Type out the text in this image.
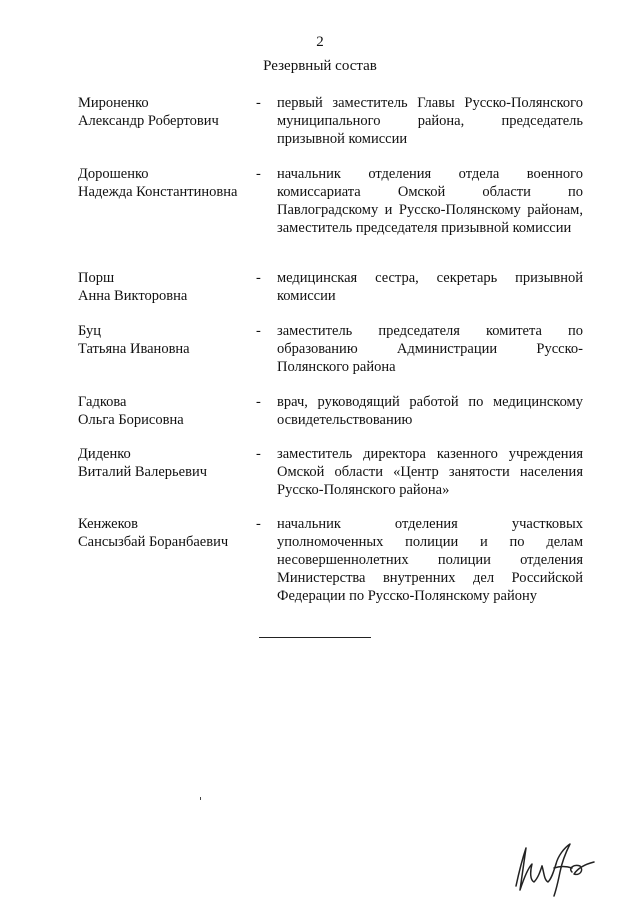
2
Резервный состав
Мироненко
Александр Робертович
- первый заместитель Главы Русско-Полянского муниципального района, председатель призывной комиссии
Дорошенко
Надежда Константиновна
- начальник отделения отдела военного комиссариата Омской области по Павлоградскому и Русско-Полянскому районам, заместитель председателя призывной комиссии
Порш
Анна Викторовна
- медицинская сестра, секретарь призывной комиссии
Буц
Татьяна Ивановна
- заместитель председателя комитета по образованию Администрации Русско-Полянского района
Гадкова
Ольга Борисовна
- врач, руководящий работой по медицинскому освидетельствованию
Диденко
Виталий Валерьевич
- заместитель директора казенного учреждения Омской области «Центр занятости населения Русско-Полянского района»
Кенжеков
Сансызбай Боранбаевич
- начальник отделения участковых уполномоченных полиции и по делам несовершеннолетних полиции отделения Министерства внутренних дел Российской Федерации по Русско-Полянскому району
